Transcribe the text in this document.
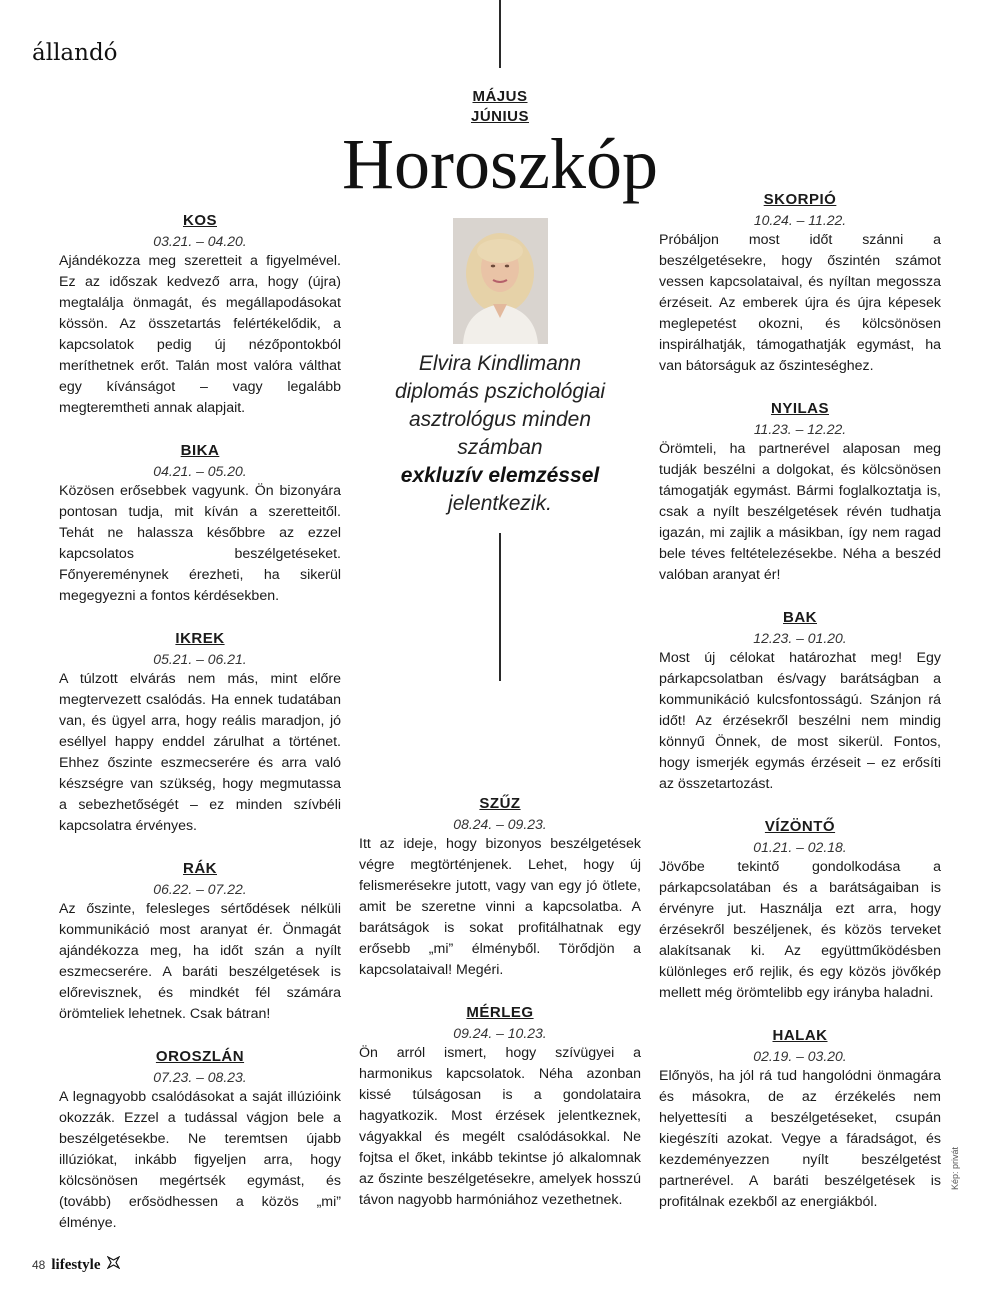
állandó
MÁJUS
JÚNIUS
Horoszkóp
KOS
03.21. – 04.20.
Ajándékozza meg szeretteit a figyelmével. Ez az időszak kedvező arra, hogy (újra) megtalálja önmagát, és megállapodásokat kössön. Az összetartás felértékelődik, a kapcsolatok pedig új nézőpontokból meríthetnek erőt. Talán most valóra válthat egy kívánságot – vagy legalább megteremtheti annak alapjait.
BIKA
04.21. – 05.20.
Közösen erősebbek vagyunk. Ön bizonyára pontosan tudja, mit kíván a szeretteitől. Tehát ne halassza későbbre az ezzel kapcsolatos beszélgetéseket. Főnyereménynek érezheti, ha sikerül megegyezni a fontos kérdésekben.
IKREK
05.21. – 06.21.
A túlzott elvárás nem más, mint előre megtervezett csalódás. Ha ennek tudatában van, és ügyel arra, hogy reális maradjon, jó eséllyel happy enddel zárulhat a történet. Ehhez őszinte eszmecserére és arra való készségre van szükség, hogy megmutassa a sebezhetőségét – ez minden szívbéli kapcsolatra érvényes.
RÁK
06.22. – 07.22.
Az őszinte, felesleges sértődések nélküli kommunikáció most aranyat ér. Önmagát ajándékozza meg, ha időt szán a nyílt eszmecserére. A baráti beszélgetések is előrevisznek, és mindkét fél számára örömteliek lehetnek. Csak bátran!
OROSZLÁN
07.23. – 08.23.
A legnagyobb csalódásokat a saját illúzióink okozzák. Ezzel a tudással vágjon bele a beszélgetésekbe. Ne teremtsen újabb illúziókat, inkább figyeljen arra, hogy kölcsönösen megértsék egymást, és (tovább) erősödhessen a közös „mi” élménye.
Elvira Kindlimann
diplomás pszichológiai
asztrológus minden
számban
exkluzív elemzéssel
jelentkezik.
SZŰZ
08.24. – 09.23.
Itt az ideje, hogy bizonyos beszélgetések végre megtörténjenek. Lehet, hogy új felismerésekre jutott, vagy van egy jó ötlete, amit be szeretne vinni a kapcsolatba. A barátságok is sokat profitálhatnak egy erősebb „mi” élményből. Törődjön a kapcsolataival! Megéri.
MÉRLEG
09.24. – 10.23.
Ön arról ismert, hogy szívügyei a harmonikus kapcsolatok. Néha azonban kissé túlságosan is a gondolataira hagyatkozik. Most érzések jelentkeznek, vágyakkal és megélt csalódásokkal. Ne fojtsa el őket, inkább tekintse jó alkalomnak az őszinte beszélgetésekre, amelyek hosszú távon nagyobb harmóniához vezethetnek.
SKORPIÓ
10.24. – 11.22.
Próbáljon most időt szánni a beszélgetésekre, hogy őszintén számot vessen kapcsolataival, és nyíltan megossza érzéseit. Az emberek újra és újra képesek meglepetést okozni, és kölcsönösen inspirálhatják, támogathatják egymást, ha van bátorságuk az őszinteséghez.
NYILAS
11.23. – 12.22.
Örömteli, ha partnerével alaposan meg tudják beszélni a dolgokat, és kölcsönösen támogatják egymást. Bármi foglalkoztatja is, csak a nyílt beszélgetések révén tudhatja igazán, mi zajlik a másikban, így nem ragad bele téves feltételezésekbe. Néha a beszéd valóban aranyat ér!
BAK
12.23. – 01.20.
Most új célokat határozhat meg! Egy párkapcsolatban és/vagy barátságban a kommunikáció kulcsfontosságú. Szánjon rá időt! Az érzésekről beszélni nem mindig könnyű Önnek, de most sikerül. Fontos, hogy ismerjék egymás érzéseit – ez erősíti az összetartozást.
VÍZÖNTŐ
01.21. – 02.18.
Jövőbe tekintő gondolkodása a párkapcsolatában és a barátságaiban is érvényre jut. Használja ezt arra, hogy érzésekről beszéljenek, és közös terveket alakítsanak ki. Az együttműködésben különleges erő rejlik, és egy közös jövőkép mellett még örömtelibb egy irányba haladni.
HALAK
02.19. – 03.20.
Előnyös, ha jól rá tud hangolódni önmagára és másokra, de az érzékelés nem helyettesíti a beszélgetéseket, csupán kiegészíti azokat. Vegye a fáradságot, és kezdeményezzen nyílt beszélgetést partnerével. A baráti beszélgetések is profitálnak ezekből az energiákból.
48 lifestyle
Kép: privát
